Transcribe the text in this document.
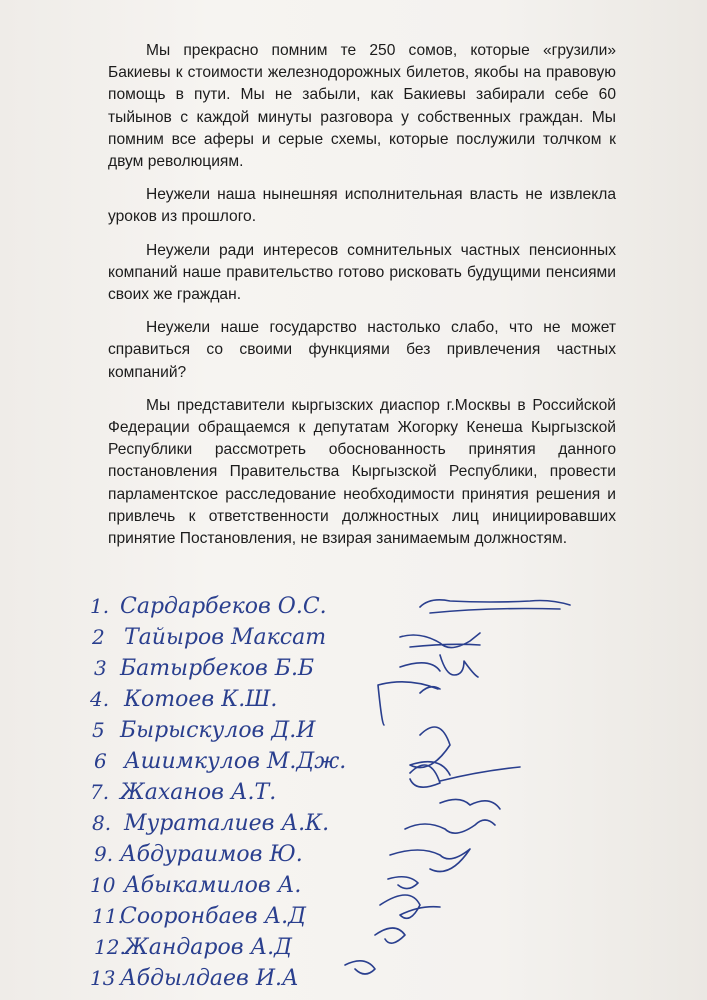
Мы прекрасно помним те 250 сомов, которые «грузили» Бакиевы к стоимости железнодорожных билетов, якобы на правовую помощь в пути. Мы не забыли, как Бакиевы забирали себе 60 тыйынов с каждой минуты разговора у собственных граждан. Мы помним все аферы и серые схемы, которые послужили толчком к двум революциям.

Неужели наша нынешняя исполнительная власть не извлекла уроков из прошлого.

Неужели ради интересов сомнительных частных пенсионных компаний наше правительство готово рисковать будущими пенсиями своих же граждан.

Неужели наше государство настолько слабо, что не может справиться со своими функциями без привлечения частных компаний?

Мы представители кыргызских диаспор г.Москвы в Российской Федерации обращаемся к депутатам Жогорку Кенеша Кыргызской Республики рассмотреть обоснованность принятия данного постановления Правительства Кыргызской Республики, провести парламентское расследование необходимости принятия решения и привлечь к ответственности должностных лиц инициировавших принятие Постановления, не взирая занимаемым должностям.

1. Сардарбеков О.С.
2 Тайыров Максат
3 Батырбеков Б.Б
4. Котоев К.Ш.
5 Бырыскулов Д.И
6 Ашимкулов М.Дж.
7. Жаханов А.Т.
8. Мураталиев А.К.
9. Абдураимов Ю.
10 Абыкамилов А.
11.
Сооронбаев А.Д
12.
Жандаров А.Д
13 Абдылдаев И.А
